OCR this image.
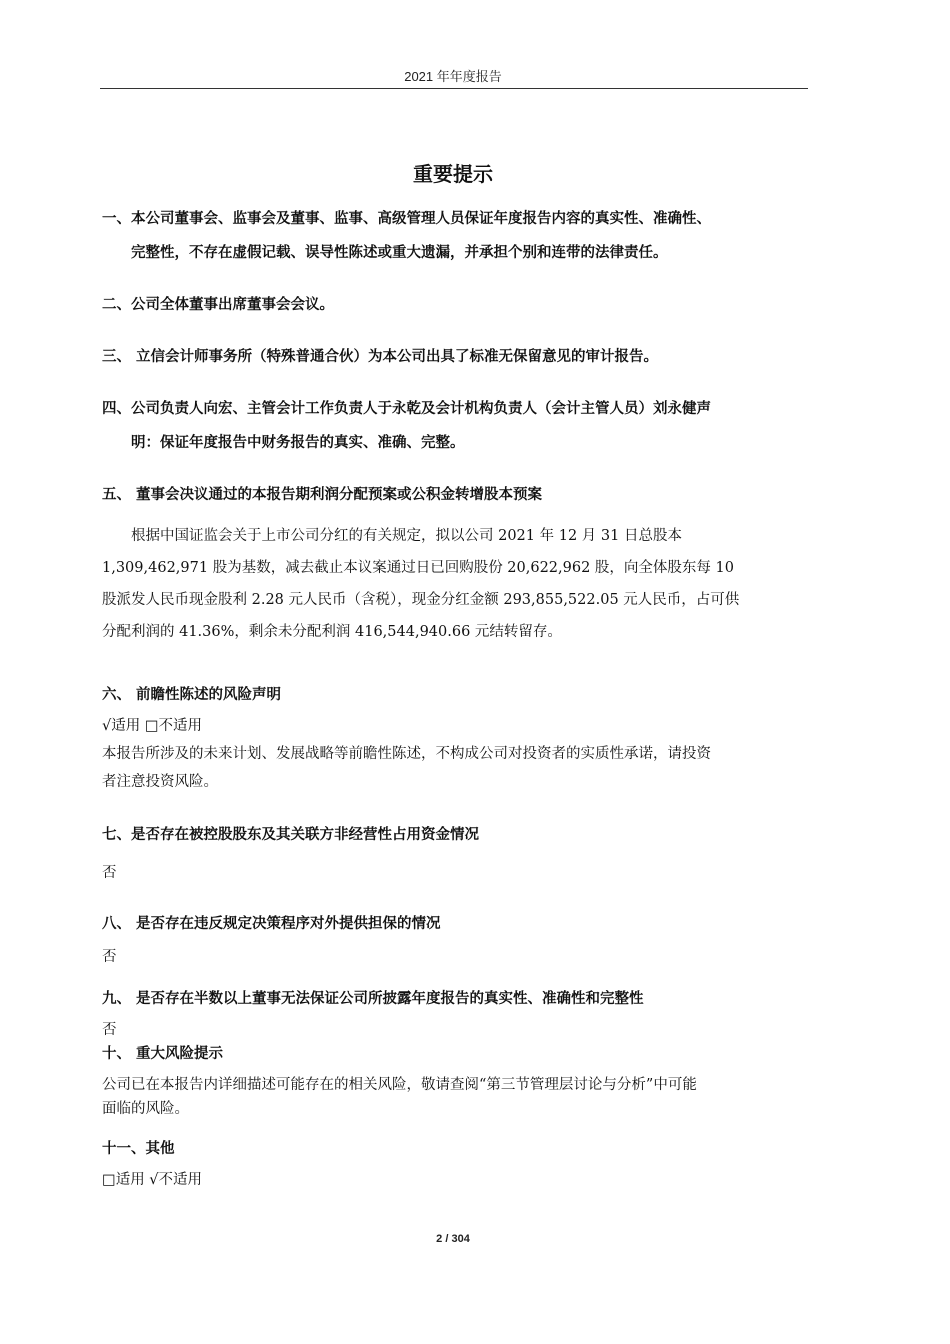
2021 年年度报告
重要提示
一、本公司董事会、监事会及董事、监事、高级管理人员保证年度报告内容的真实性、准确性、
完整性，不存在虚假记载、误导性陈述或重大遗漏，并承担个别和连带的法律责任。
二、公司全体董事出席董事会会议。
三、 立信会计师事务所（特殊普通合伙）为本公司出具了标准无保留意见的审计报告。
四、公司负责人向宏、主管会计工作负责人于永乾及会计机构负责人（会计主管人员）刘永健声
明：保证年度报告中财务报告的真实、准确、完整。
五、 董事会决议通过的本报告期利润分配预案或公积金转增股本预案
根据中国证监会关于上市公司分红的有关规定，拟以公司 2021 年 12 月 31 日总股本
1,309,462,971 股为基数，减去截止本议案通过日已回购股份 20,622,962 股，向全体股东每 10
股派发人民币现金股利 2.28 元人民币（含税），现金分红金额 293,855,522.05 元人民币，占可供
分配利润的 41.36%，剩余未分配利润 416,544,940.66 元结转留存。
六、 前瞻性陈述的风险声明
√适用 □不适用
本报告所涉及的未来计划、发展战略等前瞻性陈述，不构成公司对投资者的实质性承诺，请投资
者注意投资风险。
七、是否存在被控股股东及其关联方非经营性占用资金情况
否
八、 是否存在违反规定决策程序对外提供担保的情况
否
九、 是否存在半数以上董事无法保证公司所披露年度报告的真实性、准确性和完整性
否
十、 重大风险提示
公司已在本报告内详细描述可能存在的相关风险，敬请查阅“第三节管理层讨论与分析”中可能
面临的风险。
十一、其他
□适用 √不适用
2 / 304
